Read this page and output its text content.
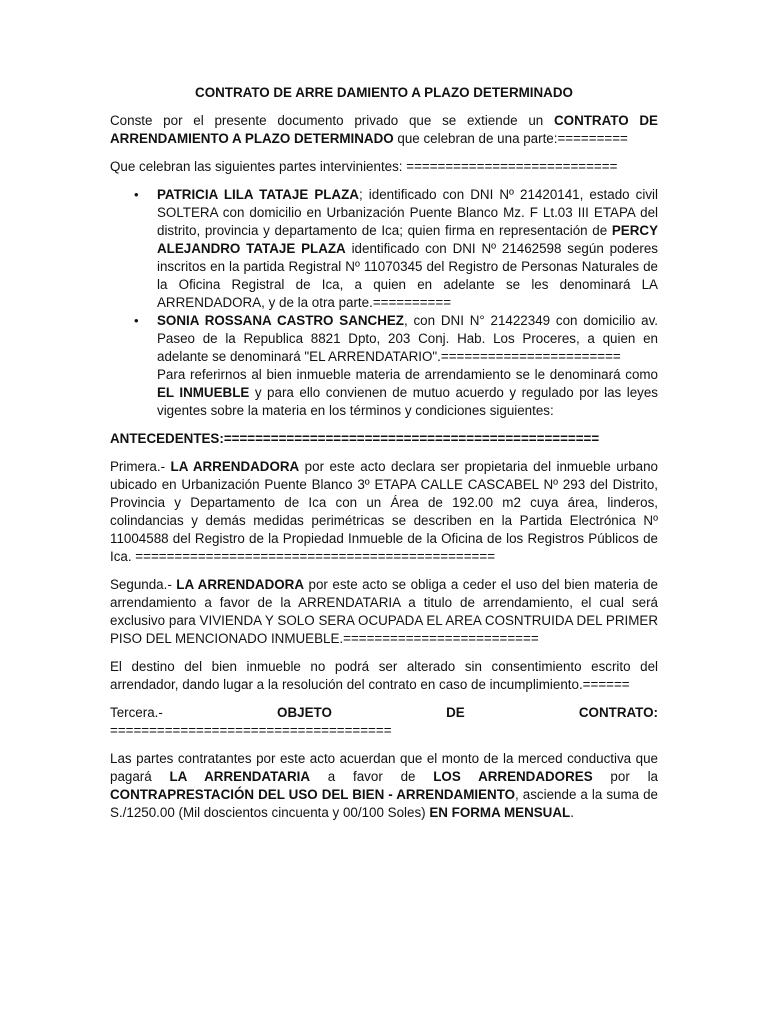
CONTRATO DE ARRE DAMIENTO A PLAZO DETERMINADO

Conste por el presente documento privado que se extiende un CONTRATO DE ARRENDAMIENTO A PLAZO DETERMINADO que celebran de una parte:=========

Que celebran las siguientes partes intervinientes: ===========================

• PATRICIA LILA TATAJE PLAZA; identificado con DNI Nº 21420141, estado civil SOLTERA con domicilio en Urbanización Puente Blanco Mz. F Lt.03 III ETAPA del distrito, provincia y departamento de Ica; quien firma en representación de PERCY ALEJANDRO TATAJE PLAZA identificado con DNI Nº 21462598 según poderes inscritos en la partida Registral Nº 11070345 del Registro de Personas Naturales de la Oficina Registral de Ica, a quien en adelante se les denominará LA ARRENDADORA, y de la otra parte.==========
• SONIA ROSSANA CASTRO SANCHEZ, con DNI N° 21422349 con domicilio av. Paseo de la Republica 8821 Dpto, 203 Conj. Hab. Los Proceres, a quien en adelante se denominará "EL ARRENDATARIO".=======================
Para referirnos al bien inmueble materia de arrendamiento se le denominará como EL INMUEBLE y para ello convienen de mutuo acuerdo y regulado por las leyes vigentes sobre la materia en los términos y condiciones siguientes:

ANTECEDENTES:================================================

Primera.- LA ARRENDADORA por este acto declara ser propietaria del inmueble urbano ubicado en Urbanización Puente Blanco 3º ETAPA CALLE CASCABEL Nº 293 del Distrito, Provincia y Departamento de Ica con un Área de 192.00 m2 cuya área, linderos, colindancias y demás medidas perimétricas se describen en la Partida Electrónica Nº 11004588 del Registro de la Propiedad Inmueble de la Oficina de los Registros Públicos de Ica. ==============================================

Segunda.- LA ARRENDADORA por este acto se obliga a ceder el uso del bien materia de arrendamiento a favor de la ARRENDATARIA a titulo de arrendamiento, el cual será exclusivo para VIVIENDA Y SOLO SERA OCUPADA EL AREA COSNTRUIDA DEL PRIMER PISO DEL MENCIONADO INMUEBLE.=========================

El destino del bien inmueble no podrá ser alterado sin consentimiento escrito del arrendador, dando lugar a la resolución del contrato en caso de incumplimiento.======

Tercera.-	OBJETO	DE	CONTRATO:
====================================

Las partes contratantes por este acto acuerdan que el monto de la merced conductiva que pagará LA ARRENDATARIA a favor de LOS ARRENDADORES por la CONTRAPRESTACIÓN DEL USO DEL BIEN - ARRENDAMIENTO, asciende a la suma de S./1250.00 (Mil doscientos cincuenta y 00/100 Soles) EN FORMA MENSUAL.
